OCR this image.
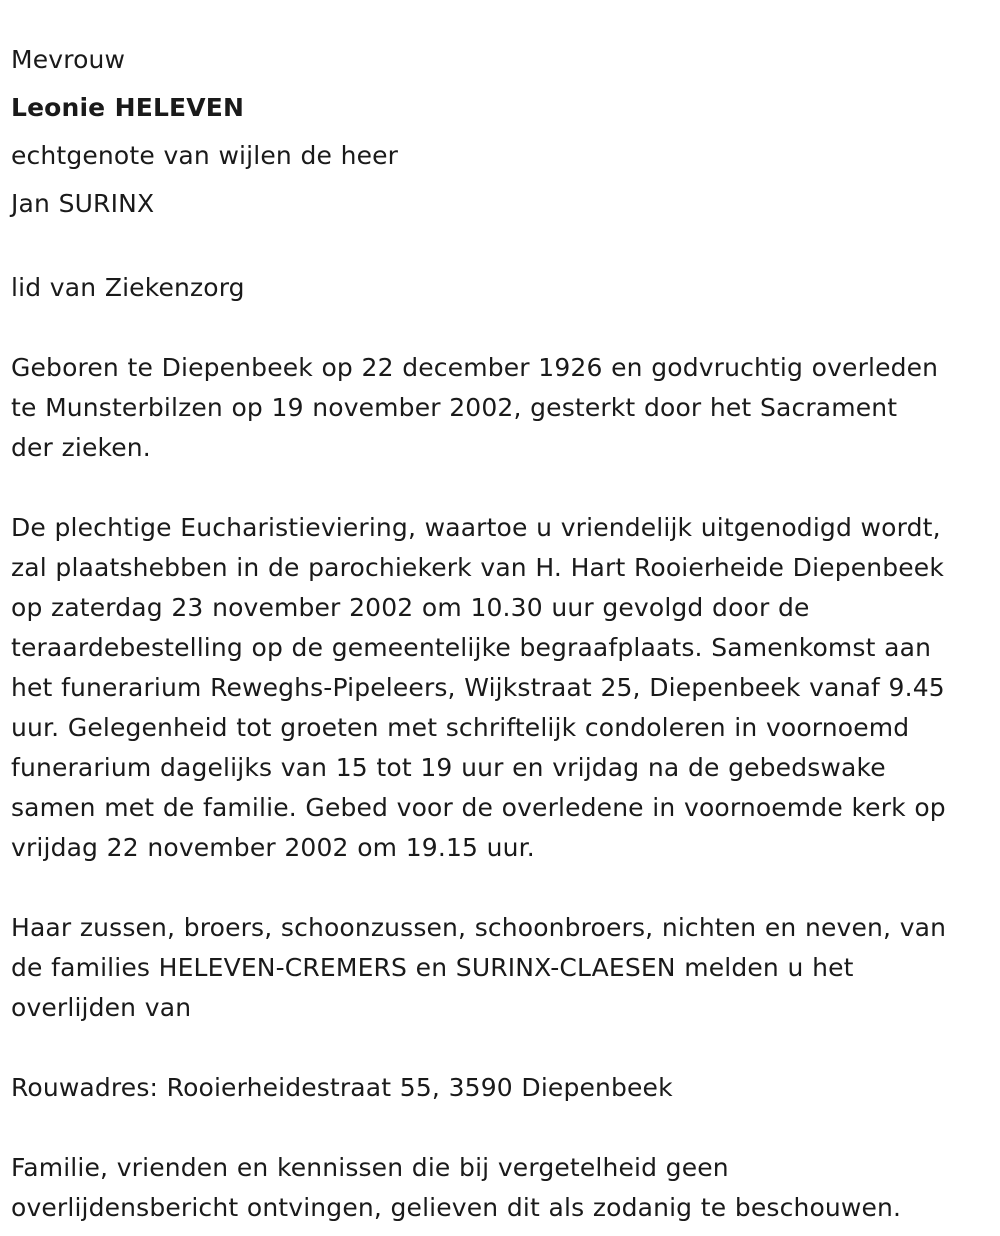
Mevrouw
Leonie HELEVEN
echtgenote van wijlen de heer
Jan SURINX
lid van Ziekenzorg
Geboren te Diepenbeek op 22 december 1926 en godvruchtig overleden
te Munsterbilzen op 19 november 2002, gesterkt door het Sacrament
der zieken.
De plechtige Eucharistieviering, waartoe u vriendelijk uitgenodigd wordt,
zal plaatshebben in de parochiekerk van H. Hart Rooierheide Diepenbeek
op zaterdag 23 november 2002 om 10.30 uur gevolgd door de
teraardebestelling op de gemeentelijke begraafplaats. Samenkomst aan
het funerarium Reweghs-Pipeleers, Wijkstraat 25, Diepenbeek vanaf 9.45
uur. Gelegenheid tot groeten met schriftelijk condoleren in voornoemd
funerarium dagelijks van 15 tot 19 uur en vrijdag na de gebedswake
samen met de familie. Gebed voor de overledene in voornoemde kerk op
vrijdag 22 november 2002 om 19.15 uur.
Haar zussen, broers, schoonzussen, schoonbroers, nichten en neven, van
de families HELEVEN-CREMERS en SURINX-CLAESEN melden u het
overlijden van
Rouwadres: Rooierheidestraat 55, 3590 Diepenbeek
Familie, vrienden en kennissen die bij vergetelheid geen
overlijdensbericht ontvingen, gelieven dit als zodanig te beschouwen.
